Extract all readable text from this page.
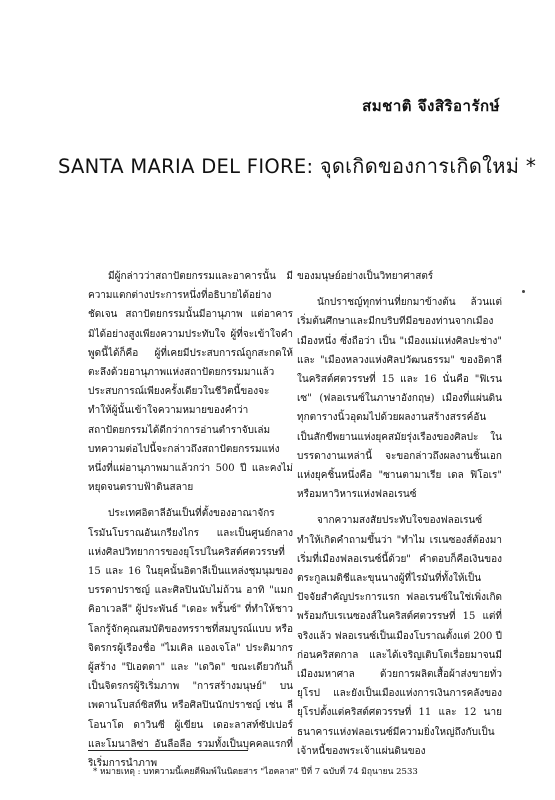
สมชาติ จึงสิริอารักษ์
SANTA MARIA DEL FIORE: จุดเกิดของการเกิดใหม่ *

มีผู้กล่าวว่าสถาปัตยกรรมและอาคารนั้น มีความแตกต่างประการหนึ่งที่อธิบายได้อย่างชัดเจน สถาปัตยกรรมนั้นมีอานุภาพ แต่อาคารมิได้อย่างสูงเพียงความประทับใจ ผู้ที่จะเข้าใจคำพูดนี้ได้ก็คือ ผู้ที่เคยมีประสบการณ์ถูกสะกดให้ตะลึงด้วยอานุภาพแห่งสถาปัตยกรรมมาแล้ว ประสบการณ์เพียงครั้งเดียวในชีวิตนี้ของจะทำให้ผู้นั้นเข้าใจความหมายของคำว่าสถาปัตยกรรมได้ดีกว่าการอ่านตำราจับเล่ม บทความต่อไปนี้จะกล่าวถึงสถาปัตยกรรมแห่งหนึ่งที่แผ่อานุภาพมาแล้วกว่า 500 ปี และคงไม่หยุดจนตราบฟ้าดินสลาย

ประเทศอิตาลีอันเป็นที่ตั้งของอาณาจักรโรมันโบราณอันเกรียงไกร และเป็นศูนย์กลางแห่งศิลปวิทยาการของยุโรปในคริสต์ศตวรรษที่ 15 และ 16 ในยุคนั้นอิตาลีเป็นแหล่งชุมนุมของบรรดาปราชญ์ และศิลปินนับไม่ถ้วน อาทิ "แมกคิอาเวลลี" ผู้ประพันธ์ "เดอะ พริ้นซ์" ที่ทำให้ชาวโลกรู้จักคุณสมบัติของทรราชที่สมบูรณ์แบบ หรือจิตรกรผู้เรืองชื่อ "ไมเคิล แองเจโล" ประติมากรผู้สร้าง "ปิเอตตา" และ "เดวิด" ขณะเดียวกันก็เป็นจิตรกรผู้ริเริ่มภาพ "การสร้างมนุษย์" บนเพดานโบสถ์ซิสทีน หรือศิลปินนักปราชญ์ เช่น ลีโอนาโด ดาวินซี ผู้เขียน เดอะลาสท์ซัปเปอร์ และโมนาลิซ่า อันลือลือ รวมทั้งเป็นบุคคลแรกที่ริเริ่มการนำภาพ

ของมนุษย์อย่างเป็นวิทยาศาสตร์

นักปราชญ์ทุกท่านที่ยกมาข้างต้น ล้วนแต่เริ่มต้นศึกษาและมีกบริบทีมีอของท่านจากเมืองเมืองหนึ่ง ซึ่งถือว่า เป็น "เมืองแม่แห่งศิลปะช่าง" และ "เมืองหลวงแห่งศิลปวัฒนธรรม" ของอิตาลีในคริสต์ศตวรรษที่ 15 และ 16 นั่นคือ "ฟิเรนเซ" (ฟลอเรนซ์ในภาษาอังกฤษ) เมืองที่แผ่นดินทุกตารางนิ้วอุดมไปด้วยผลงานสร้างสรรค์อันเป็นสักขีพยานแห่งยุคสมัยรุ่งเรืองของศิลปะ ในบรรดางานเหล่านี้ จะขอกล่าวถึงผลงานชิ้นเอกแห่งยุคชิ้นหนึ่งคือ "ซานตามาเรีย เดล ฟิโอเร" หรือมหาวิหารแห่งฟลอเรนซ์

จากความสงสัยประทับใจของฟลอเรนซ์ ทำให้เกิดคำถามขึ้นว่า "ทำไม เรเนซองส์ต้องมาเริ่มที่เมืองฟลอเรนซ์นี้ด้วย" คำตอบก็คือเงินของตระกูลเมดิชีและขุนนางผู้ที่ไรมันที่ทั้งให้เป็นปัจจัยสำคัญประการแรก ฟลอเรนซ์ในใช่เพิ่งเกิดพร้อมกับเรเนซองส์ในคริสต์ศตวรรษที่ 15 แต่ที่จริงแล้ว ฟลอเรนซ์เป็นเมืองโบราณตั้งแต่ 200 ปีก่อนคริสตกาล และได้เจริญเติบโตเรื่อยมาจนมีเมืองมหาศาล ด้วยการผลิตเสื้อผ้าส่งขายทั่วยุโรป และยังเป็นเมืองแห่งการเงินการคลังของยุโรปตั้งแต่คริสต์ศตวรรษที่ 11 และ 12 นายธนาคารแห่งฟลอเรนซ์มีความยิ่งใหญ่ถึงกับเป็นเจ้าหนี้ของพระเจ้าแผ่นดินของ

* หมายเหตุ : บทความนี้เคยตีพิมพ์ในนิตยสาร "ไฮคลาส" ปีที่ 7 ฉบับที่ 74 มิถุนายน 2533
